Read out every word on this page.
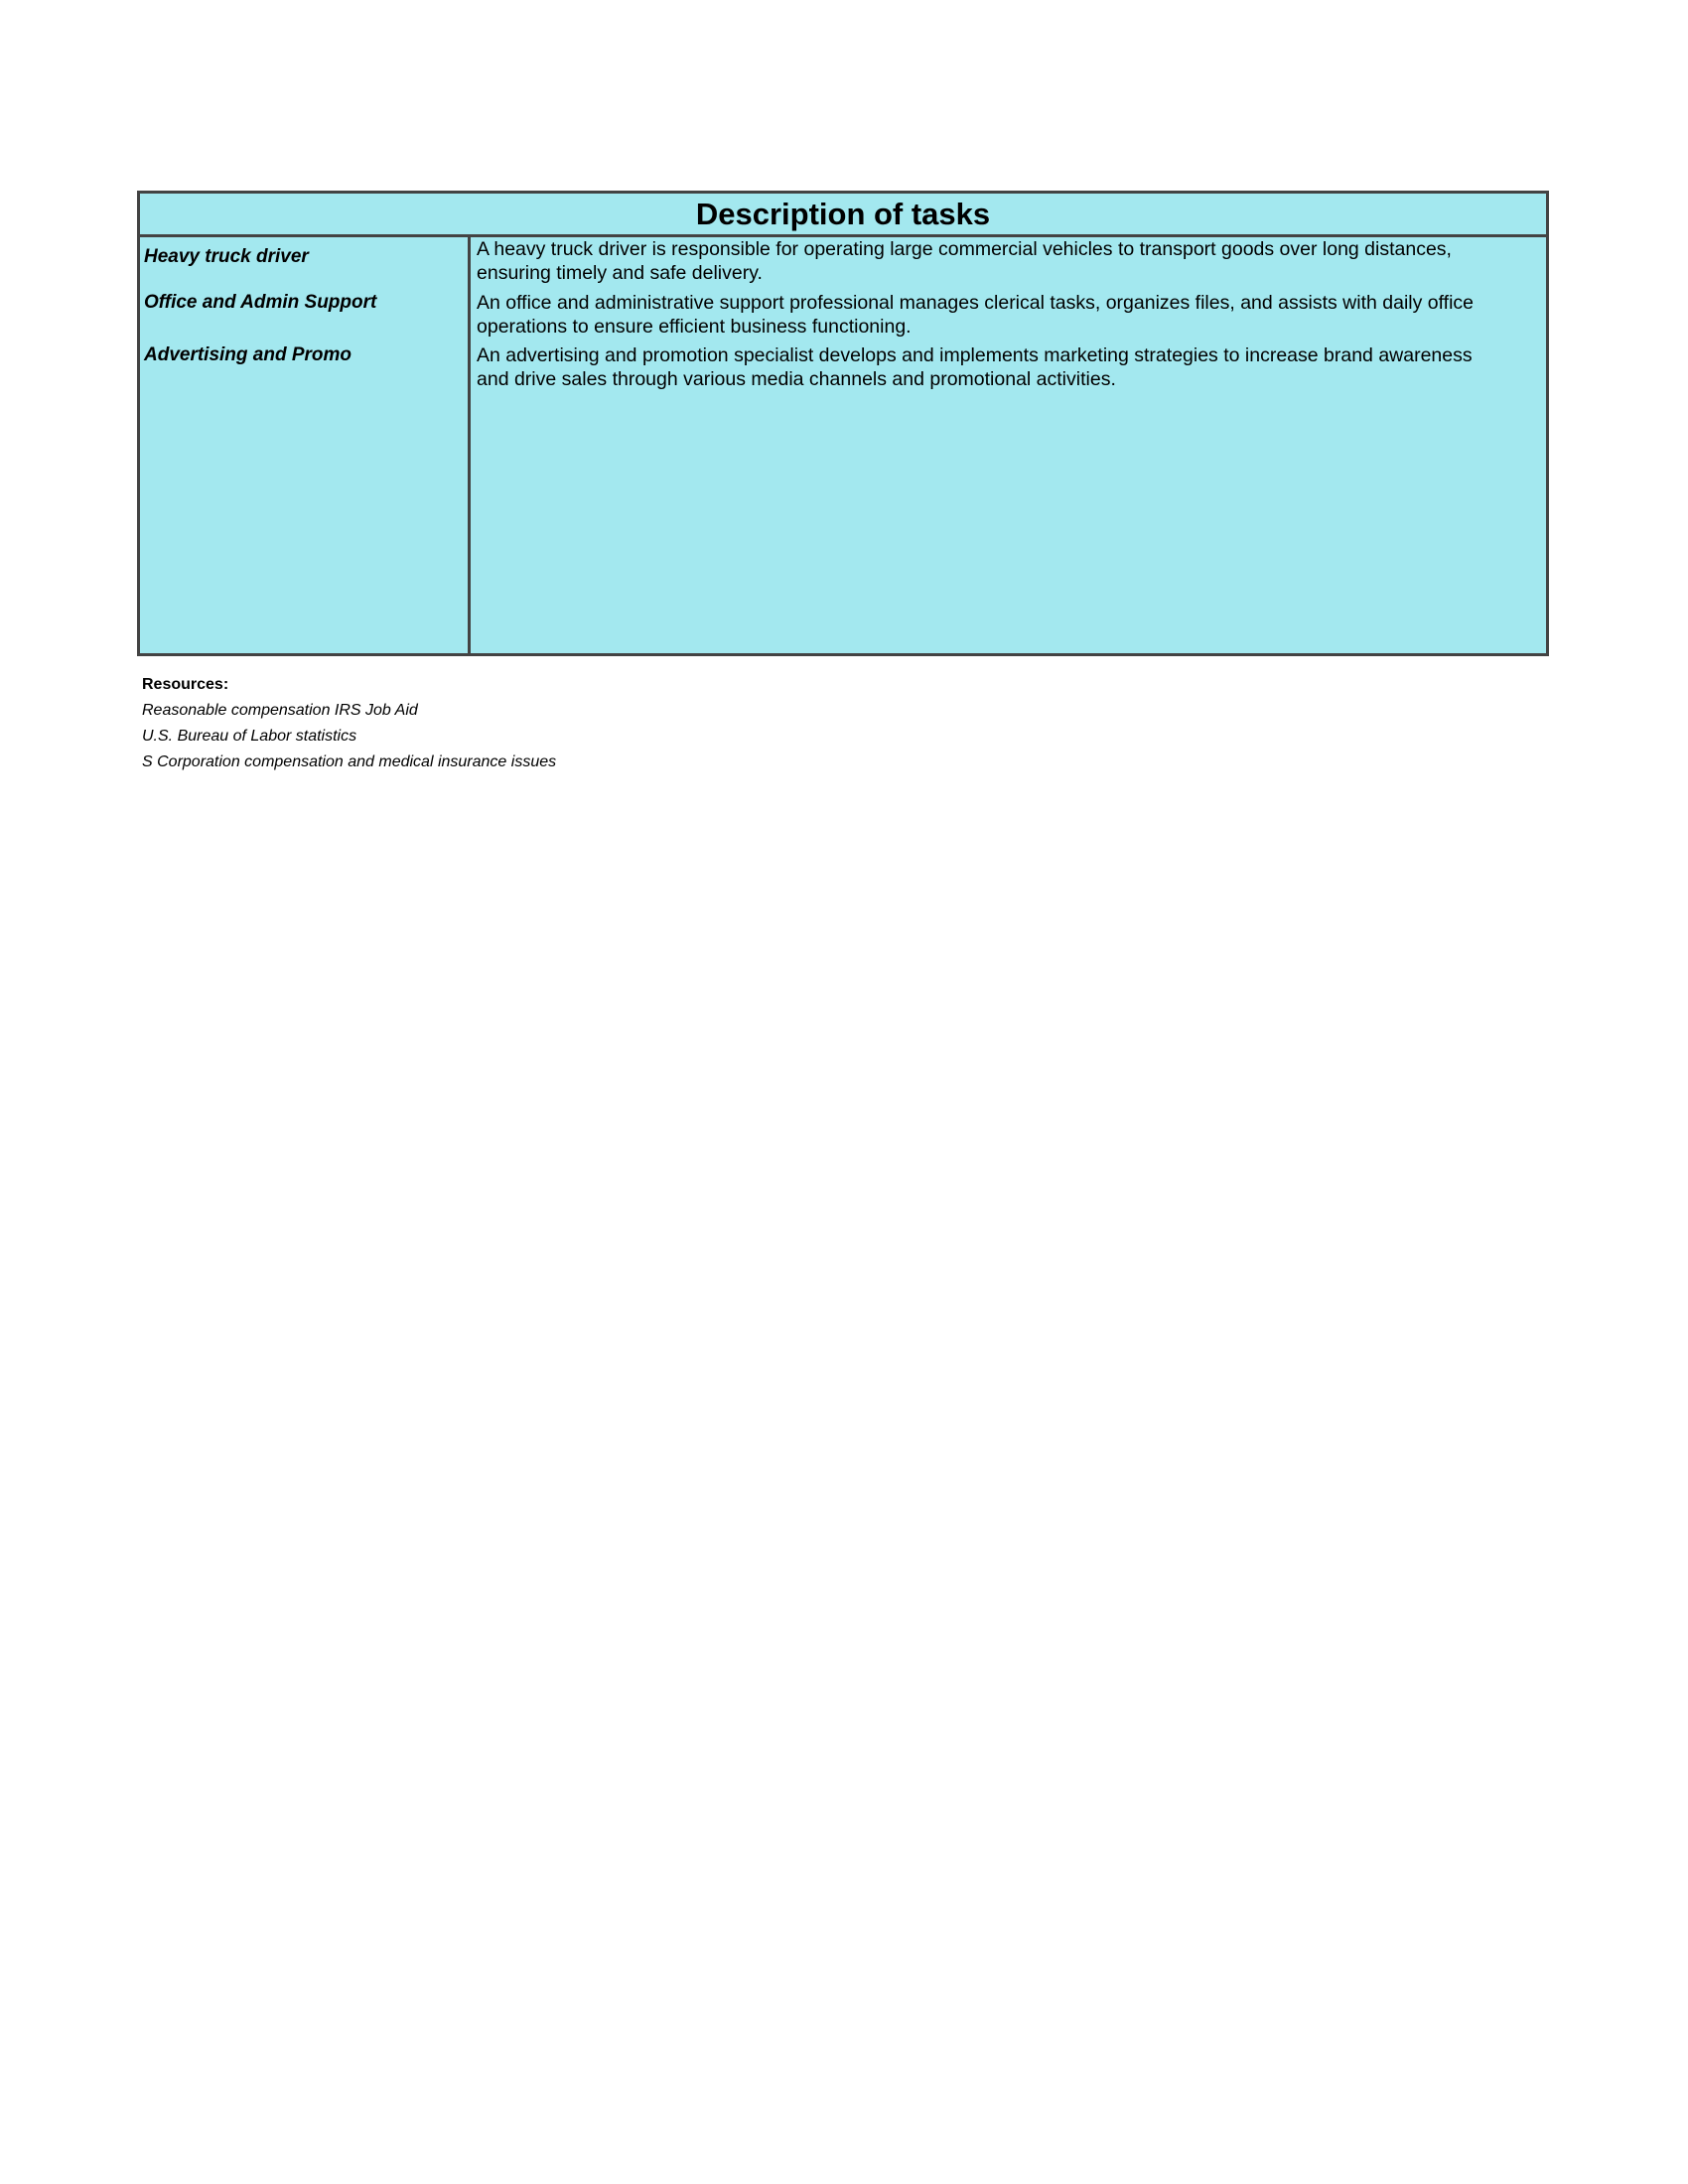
Description of tasks
Heavy truck driver
Office and Admin Support
Advertising and Promo
A heavy truck driver is responsible for operating large commercial vehicles to transport goods over long distances,
ensuring timely and safe delivery.
An office and administrative support professional manages clerical tasks, organizes files, and assists with daily office
operations to ensure efficient business functioning.
An advertising and promotion specialist develops and implements marketing strategies to increase brand awareness
and drive sales through various media channels and promotional activities.
Resources:
Reasonable compensation IRS Job Aid
U.S. Bureau of Labor statistics
S Corporation compensation and medical insurance issues
